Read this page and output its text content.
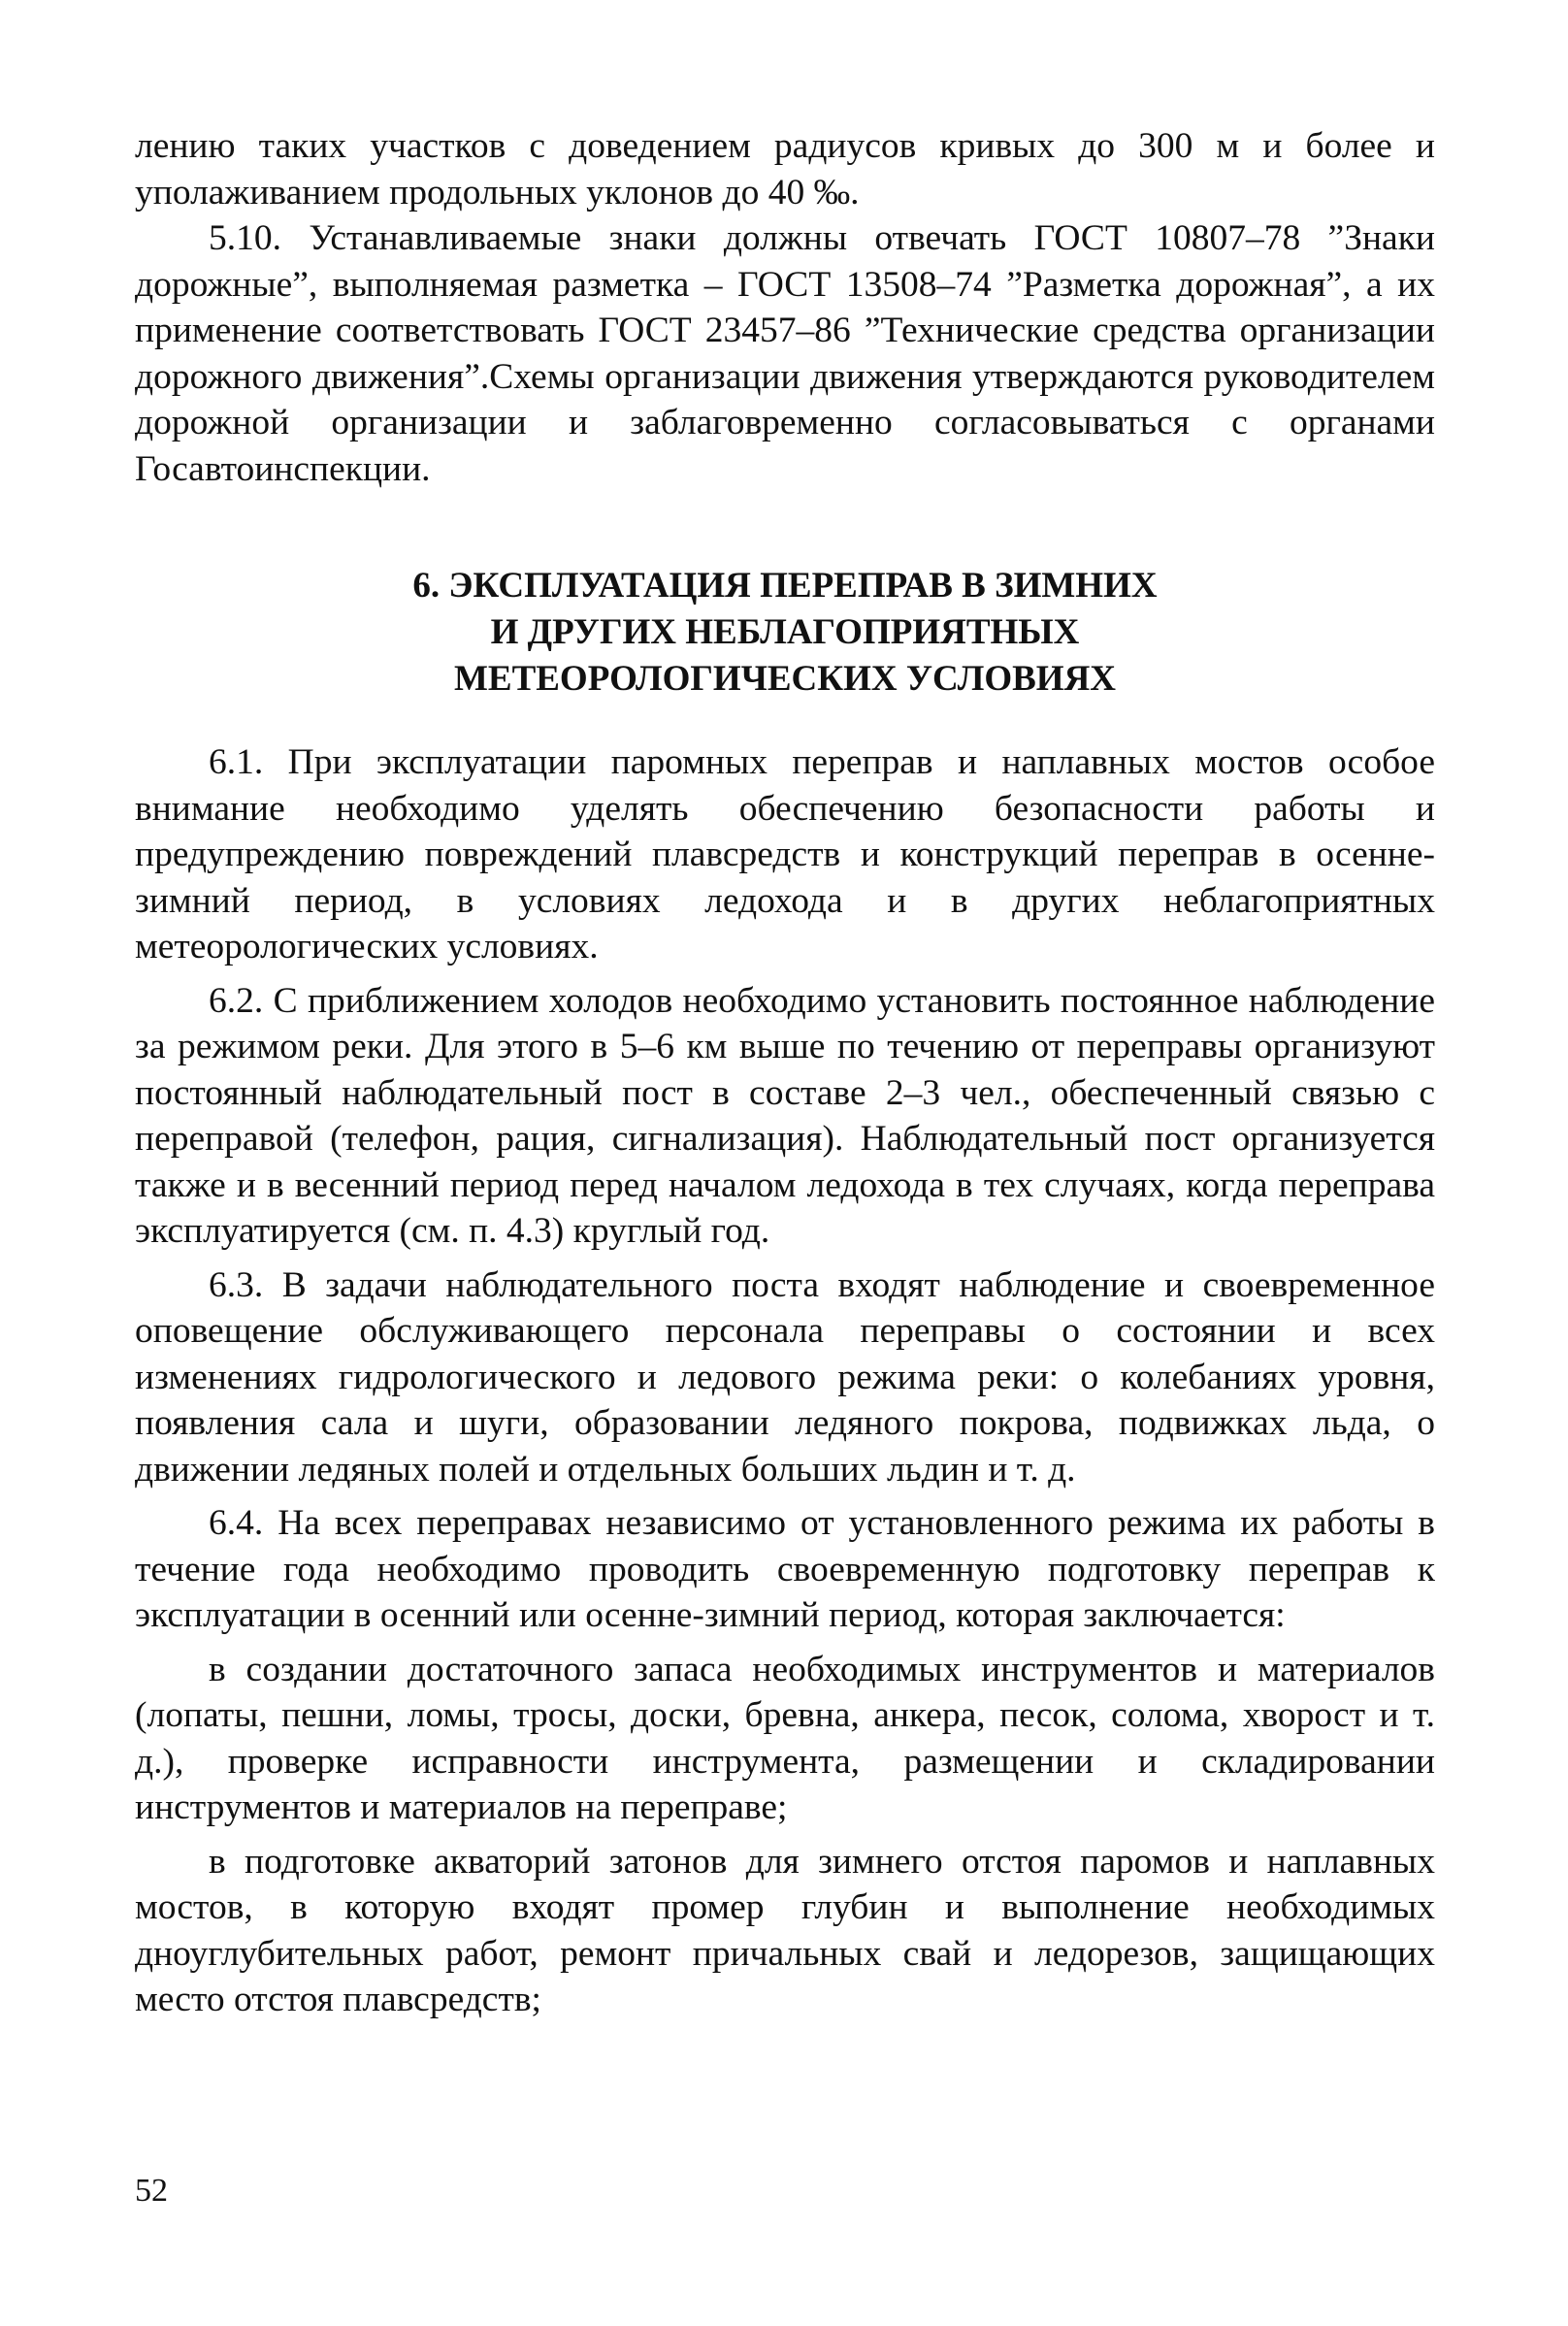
лению таких участков с доведением радиусов кривых до 300 м и более и уполаживанием продольных уклонов до 40 ‰.

5.10. Устанавливаемые знаки должны отвечать ГОСТ 10807–78 ”Знаки дорожные”, выполняемая разметка – ГОСТ 13508–74 ”Разметка дорожная”, а их применение соответствовать ГОСТ 23457–86 ”Технические средства организации дорожного движения”.Схемы организации движения утверждаются руководителем дорожной организации и заблаговременно согласовываться с органами Госавтоинспекции.

6. ЭКСПЛУАТАЦИЯ ПЕРЕПРАВ В ЗИМНИХ
И ДРУГИХ НЕБЛАГОПРИЯТНЫХ
МЕТЕОРОЛОГИЧЕСКИХ УСЛОВИЯХ

6.1. При эксплуатации паромных переправ и наплавных мостов особое внимание необходимо уделять обеспечению безопасности работы и предупреждению повреждений плавсредств и конструкций переправ в осенне-зимний период, в условиях ледохода и в других неблагоприятных метеорологических условиях.

6.2. С приближением холодов необходимо установить постоянное наблюдение за режимом реки. Для этого в 5–6 км выше по течению от переправы организуют постоянный наблюдательный пост в составе 2–3 чел., обеспеченный связью с переправой (телефон, рация, сигнализация). Наблюдательный пост организуется также и в весенний период перед началом ледохода в тех случаях, когда переправа эксплуатируется (см. п. 4.3) круглый год.

6.3. В задачи наблюдательного поста входят наблюдение и своевременное оповещение обслуживающего персонала переправы о состоянии и всех изменениях гидрологического и ледового режима реки: о колебаниях уровня, появления сала и шуги, образовании ледяного покрова, подвижках льда, о движении ледяных полей и отдельных больших льдин и т. д.

6.4. На всех переправах независимо от установленного режима их работы в течение года необходимо проводить своевременную подготовку переправ к эксплуатации в осенний или осенне-зимний период, которая заключается:

в создании достаточного запаса необходимых инструментов и материалов (лопаты, пешни, ломы, тросы, доски, бревна, анкера, песок, солома, хворост и т. д.), проверке исправности инструмента, размещении и складировании инструментов и материалов на переправе;

в подготовке акваторий затонов для зимнего отстоя паромов и наплавных мостов, в которую входят промер глубин и выполнение необходимых дноуглубительных работ, ремонт причальных свай и ледорезов, защищающих место отстоя плавсредств;

52
